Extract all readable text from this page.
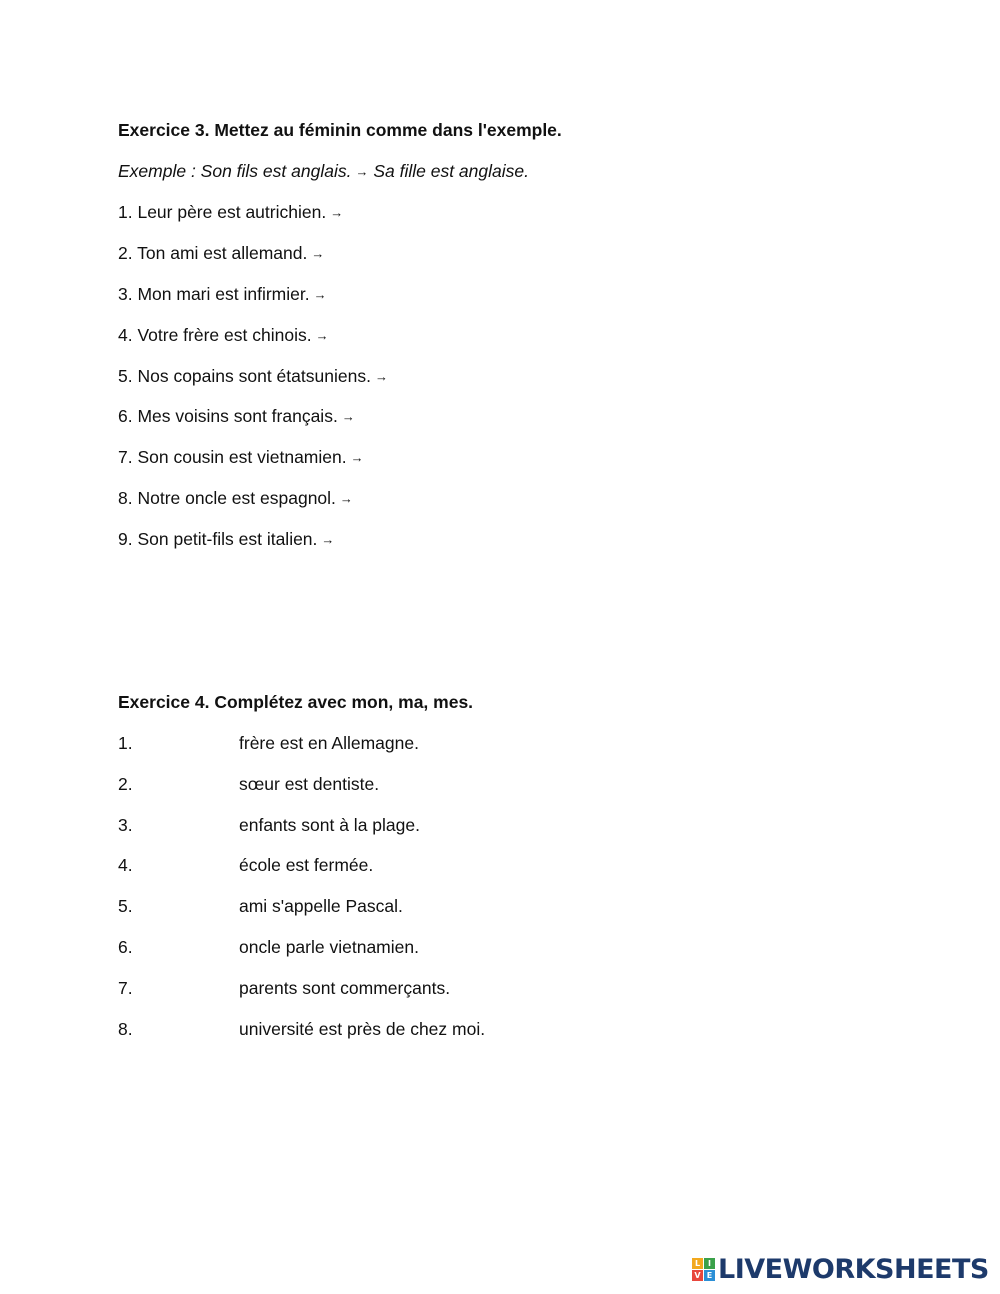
Exercice 3. Mettez au féminin comme dans l'exemple.
Exemple : Son fils est anglais. → Sa fille est anglaise.
1. Leur père est autrichien. →
2. Ton ami est allemand. →
3. Mon mari est infirmier. →
4. Votre frère est chinois. →
5. Nos copains sont étatsuniens. →
6. Mes voisins sont français. →
7. Son cousin est vietnamien. →
8. Notre oncle est espagnol. →
9. Son petit-fils est italien. →
Exercice 4. Complétez avec mon, ma, mes.
1.	frère est en Allemagne.
2.	sœur est dentiste.
3.	enfants sont à la plage.
4.	école est fermée.
5.	ami s'appelle Pascal.
6.	oncle parle vietnamien.
7.	parents sont commerçants.
8.	université est près de chez moi.
L I
V E LIVEWORKSHEETS
